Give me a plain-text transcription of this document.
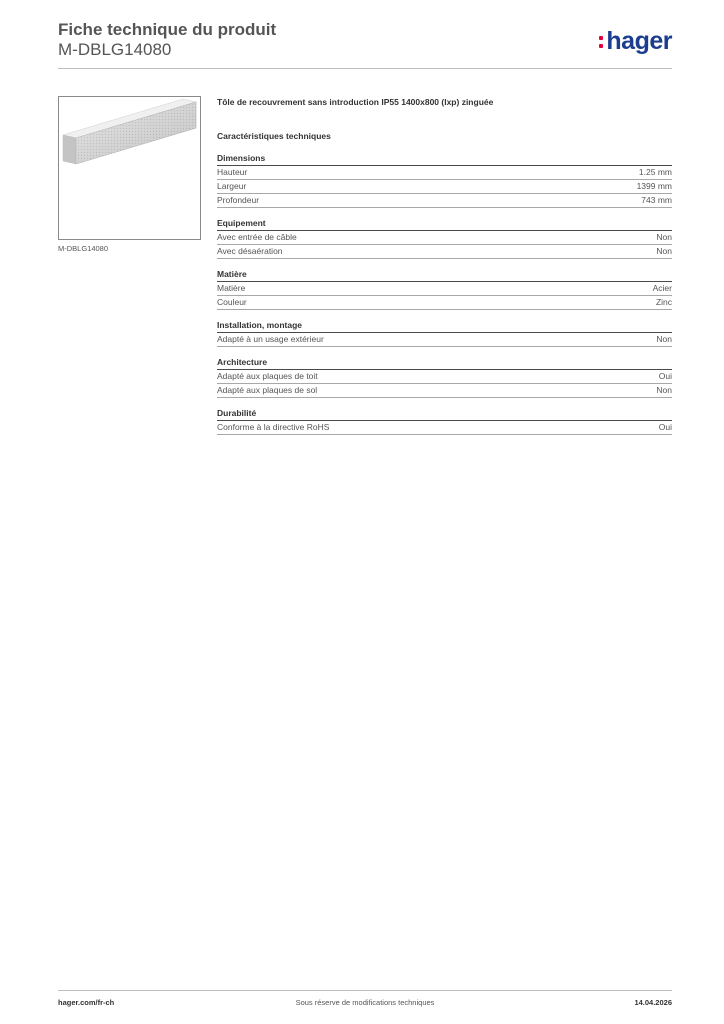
Fiche technique du produit
M-DBLG14080	hager
M-DBLG14080
Tôle de recouvrement sans introduction IP55 1400x800 (lxp) zinguée
Caractéristiques techniques
Dimensions
Hauteur	1.25 mm
Largeur	1399 mm
Profondeur	743 mm
Equipement
Avec entrée de câble	Non
Avec désaération	Non
Matière
Matière	Acier
Couleur	Zinc
Installation, montage
Adapté à un usage extérieur	Non
Architecture
Adapté aux plaques de toit	Oui
Adapté aux plaques de sol	Non
Durabilité
Conforme à la directive RoHS	Oui
Sous réserve de modifications techniques
hager.com/fr-ch	14.04.2026
